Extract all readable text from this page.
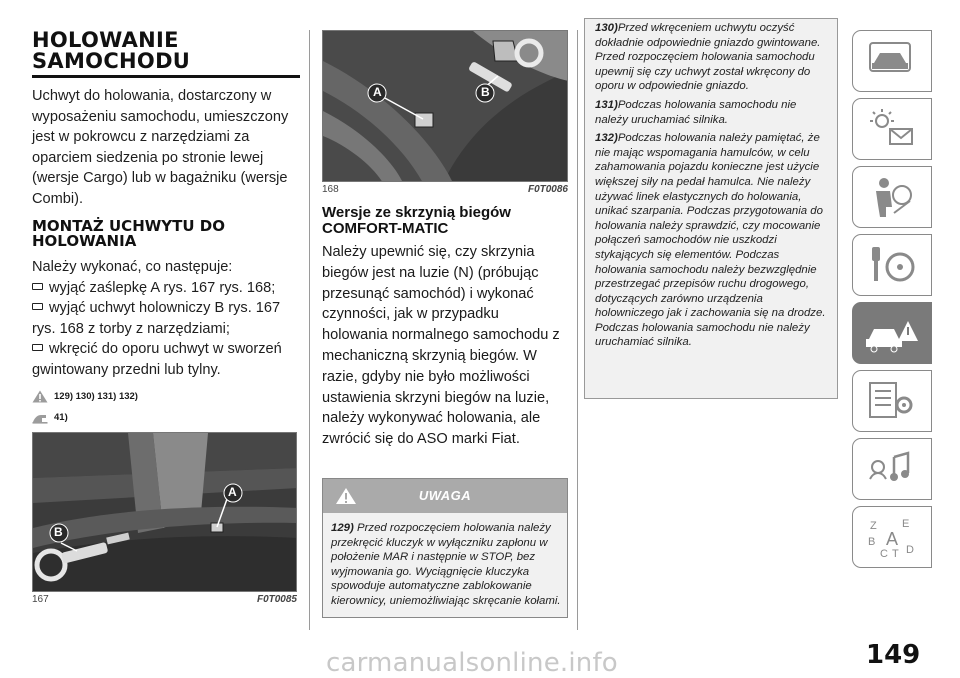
HOLOWANIE
SAMOCHODU

Uchwyt do holowania, dostarczony w wyposażeniu samochodu, umieszczony jest w pokrowcu z narzędziami za oparciem siedzenia po stronie lewej (wersje Cargo) lub w bagażniku (wersje Combi).

MONTAŻ UCHWYTU DO
HOLOWANIA

Należy wykonać, co następuje:

wyjąć zaślepkę A rys. 167 rys. 168;
wyjąć uchwyt holowniczy B rys. 167 rys. 168 z torby z narzędziami;
wkręcić do oporu uchwyt w sworzeń gwintowany przedni lub tylny.
129) 130) 131) 132)
41)
A
B
167	F0T0085
A	B
168	F0T0086
Wersje ze skrzynią biegów
COMFORT-MATIC

Należy upewnić się, czy skrzynia biegów jest na luzie (N) (próbując przesunąć samochód) i wykonać czynności, jak w przypadku holowania normalnego samochodu z mechaniczną skrzynią biegów. W razie, gdyby nie było możliwości ustawienia skrzyni biegów na luzie, należy wykonywać holowania, ale zwrócić się do ASO marki Fiat.

UWAGA
129) Przed rozpoczęciem holowania należy przekręcić kluczyk w wyłączniku zapłonu w położenie MAR i następnie w STOP, bez wyjmowania go. Wyciągnięcie kluczyka spowoduje automatyczne zablokowanie kierownicy, uniemożliwiając skręcanie kołami.
130)Przed wkręceniem uchwytu oczyść dokładnie odpowiednie gniazdo gwintowane. Przed rozpoczęciem holowania samochodu upewnij się czy uchwyt został wkręcony do oporu w odpowiednie gniazdo.
131)Podczas holowania samochodu nie należy uruchamiać silnika.
132)Podczas holowania należy pamiętać, że nie mając wspomagania hamulców, w celu zahamowania pojazdu konieczne jest użycie większej siły na pedał hamulca. Nie należy używać linek elastycznych do holowania, unikać szarpania. Podczas przygotowania do holowania należy sprawdzić, czy mocowanie połączeń samochodów nie uszkodzi stykających się elementów. Podczas holowania samochodu należy bezwzględnie przestrzegać przepisów ruchu drogowego, dotyczących zarówno urządzenia holowniczego jak i zachowania się na drodze. Podczas holowania samochodu nie należy uruchamiać silnika.
Z E
B A
C T D
149
carmanualsonline.info
